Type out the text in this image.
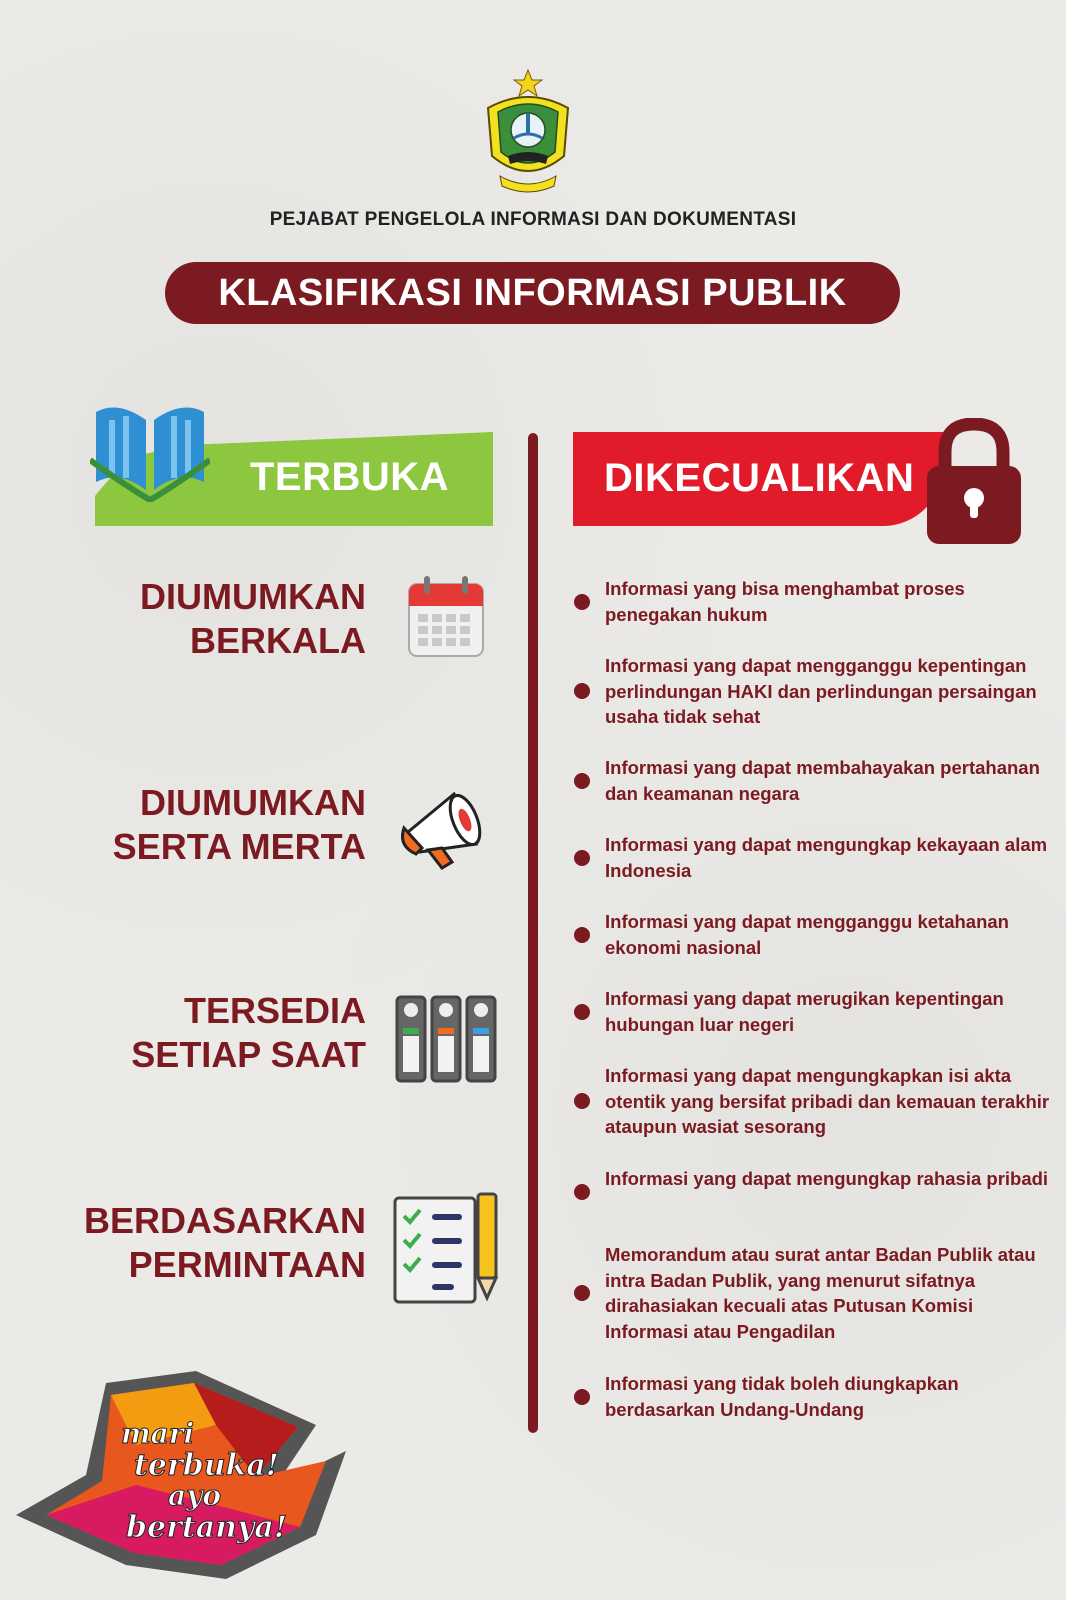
PEJABAT PENGELOLA INFORMASI DAN DOKUMENTASI
KLASIFIKASI INFORMASI PUBLIK
TERBUKA	DIKECUALIKAN
DIUMUMKAN
BERKALA
DIUMUMKAN
SERTA MERTA
TERSEDIA
SETIAP SAAT
BERDASARKAN
PERMINTAAN
Informasi yang bisa menghambat proses penegakan hukum
Informasi yang dapat mengganggu kepentingan perlindungan HAKI dan perlindungan persaingan usaha tidak sehat
Informasi yang dapat membahayakan pertahanan dan keamanan negara
Informasi yang dapat mengungkap kekayaan alam Indonesia
Informasi yang dapat mengganggu ketahanan ekonomi nasional
Informasi yang dapat merugikan kepentingan hubungan luar negeri
Informasi yang dapat mengungkapkan isi akta otentik yang bersifat pribadi dan kemauan terakhir ataupun wasiat sesorang
Informasi yang dapat mengungkap rahasia pribadi
Memorandum atau surat antar Badan Publik atau intra Badan Publik, yang menurut sifatnya dirahasiakan kecuali atas Putusan Komisi Informasi atau Pengadilan
Informasi yang tidak boleh diungkapkan berdasarkan Undang-Undang
mari
terbuka!
ayo
bertanya!
